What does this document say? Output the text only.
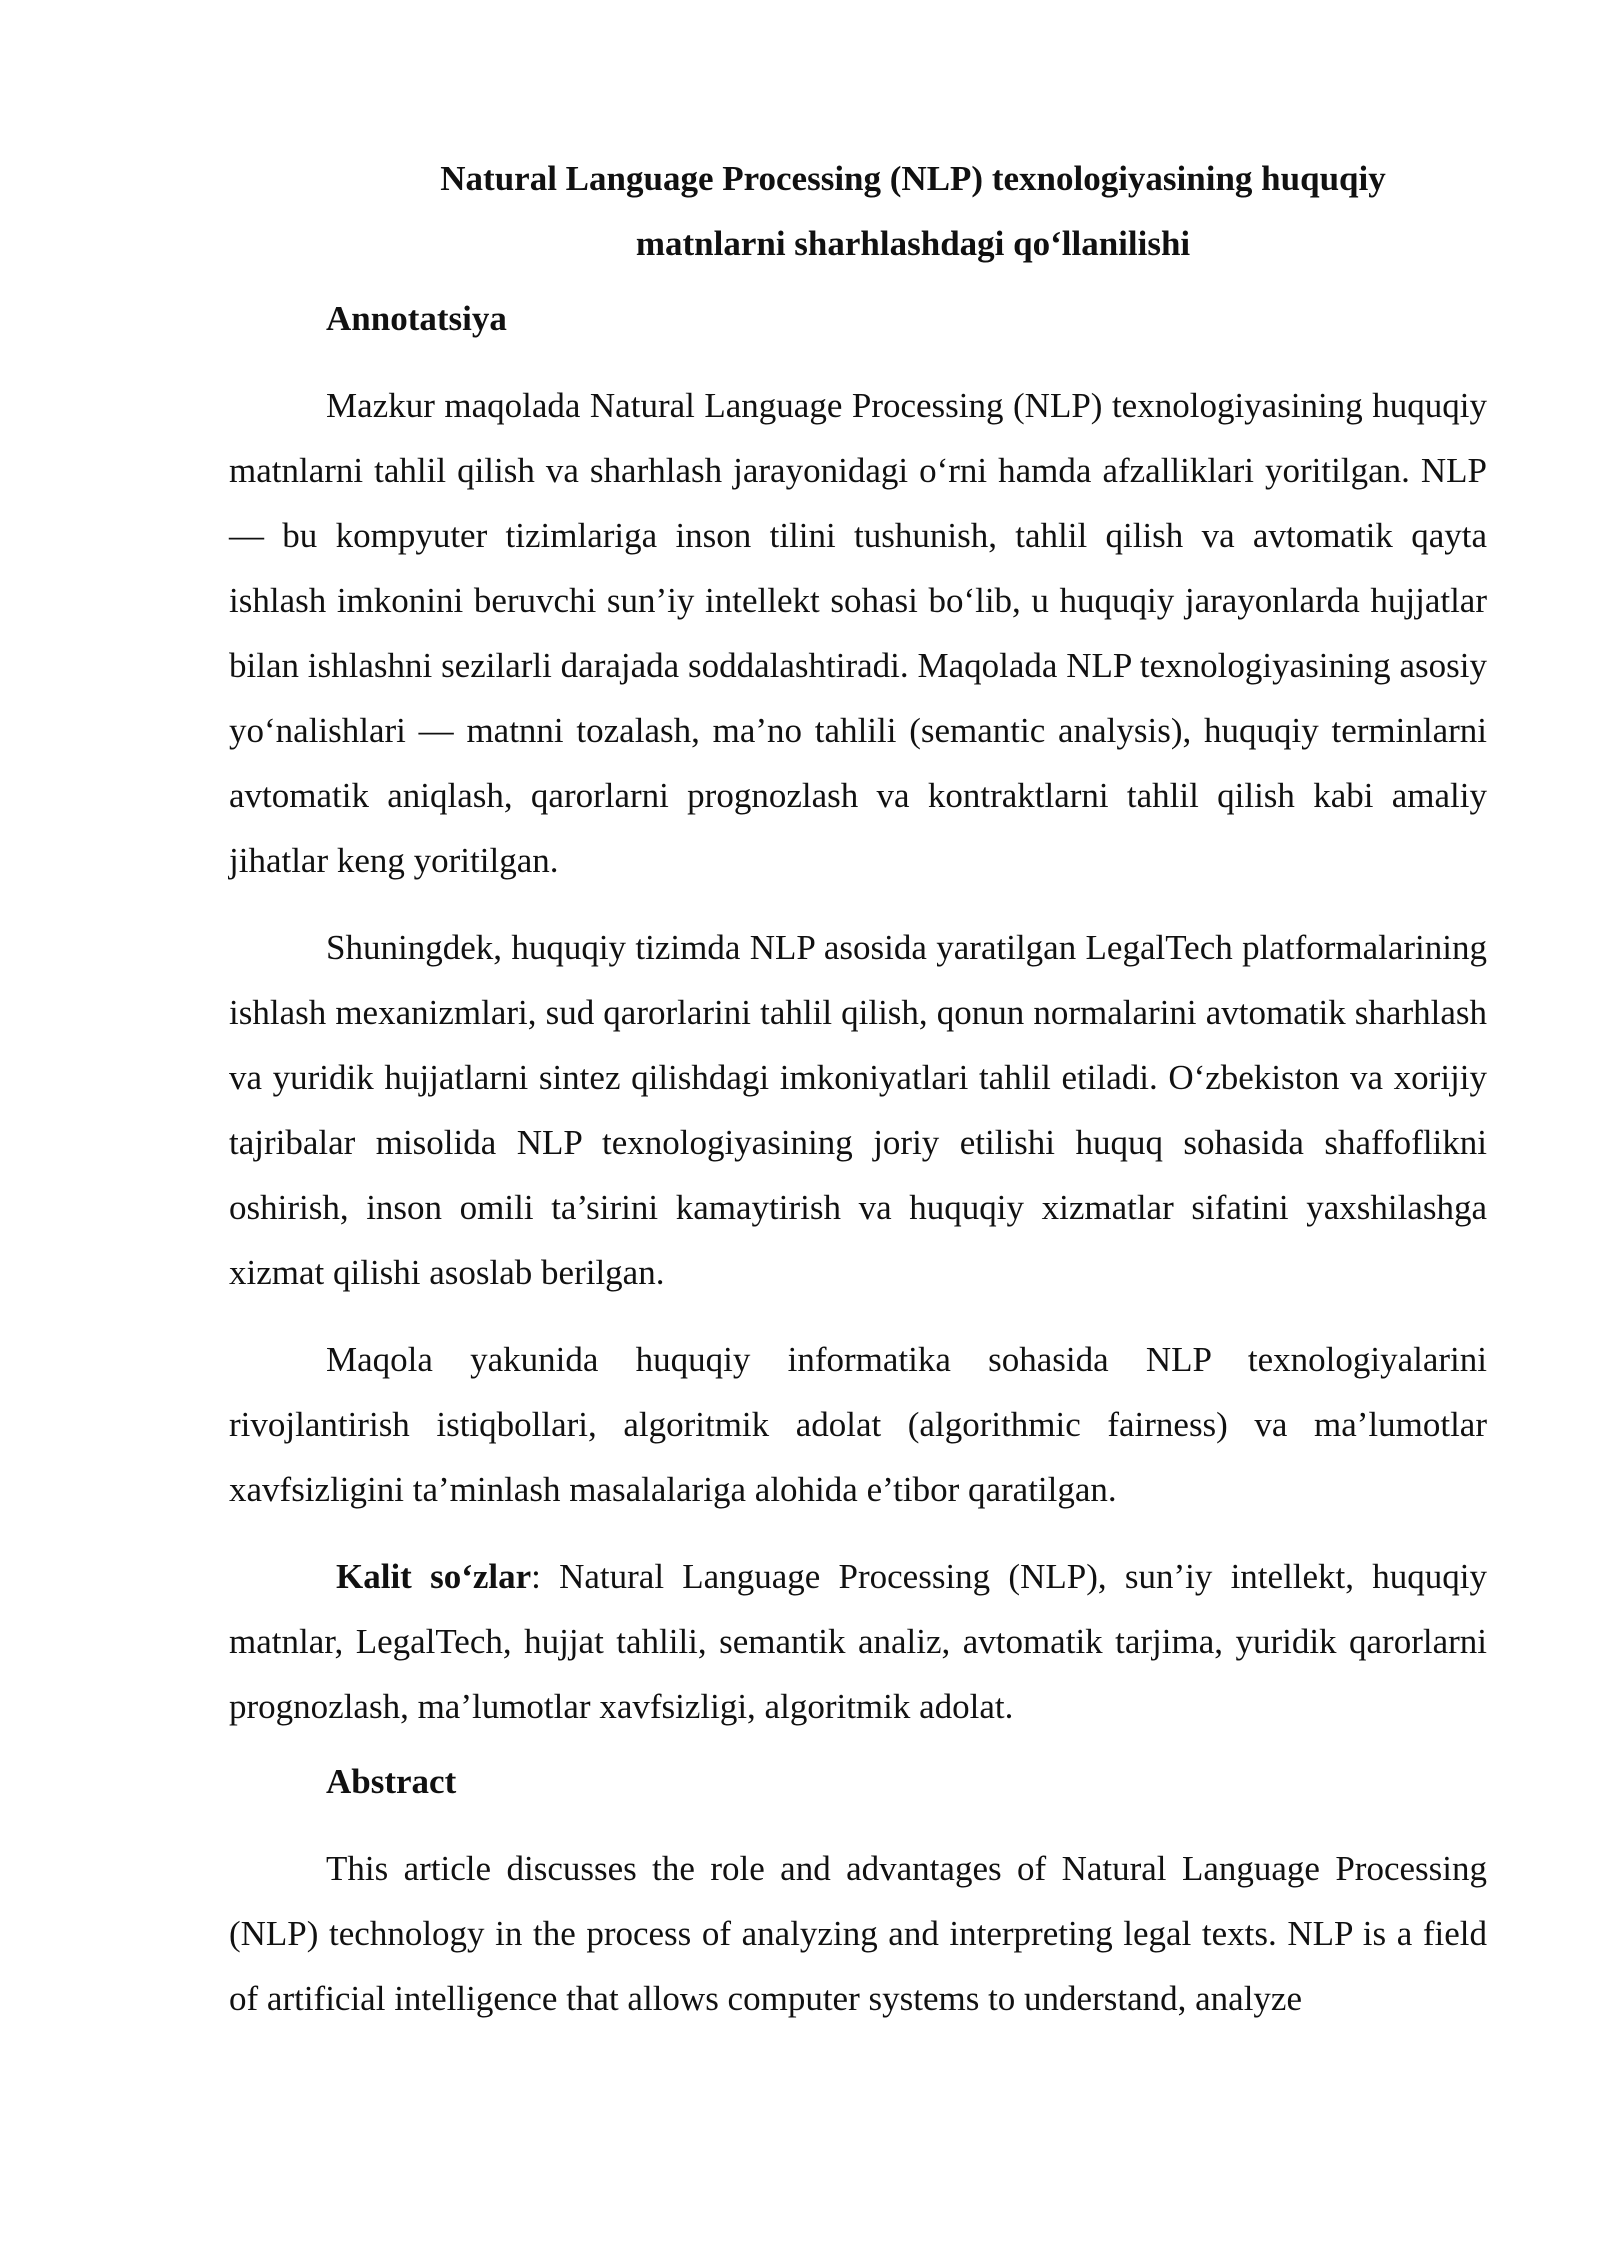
Natural Language Processing (NLP) texnologiyasining huquqiy
matnlarni sharhlashdagi qo‘llanilishi
Annotatsiya

Mazkur maqolada Natural Language Processing (NLP) texnologiyasining huquqiy matnlarni tahlil qilish va sharhlash jarayonidagi o‘rni hamda afzalliklari yoritilgan. NLP — bu kompyuter tizimlariga inson tilini tushunish, tahlil qilish va avtomatik qayta ishlash imkonini beruvchi sun’iy intellekt sohasi bo‘lib, u huquqiy jarayonlarda hujjatlar bilan ishlashni sezilarli darajada soddalashtiradi. Maqolada NLP texnologiyasining asosiy yo‘nalishlari — matnni tozalash, ma’no tahlili (semantic analysis), huquqiy terminlarni avtomatik aniqlash, qarorlarni prognozlash va kontraktlarni tahlil qilish kabi amaliy jihatlar keng yoritilgan.

Shuningdek, huquqiy tizimda NLP asosida yaratilgan LegalTech platformalarining ishlash mexanizmlari, sud qarorlarini tahlil qilish, qonun normalarini avtomatik sharhlash va yuridik hujjatlarni sintez qilishdagi imkoniyatlari tahlil etiladi. O‘zbekiston va xorijiy tajribalar misolida NLP texnologiyasining joriy etilishi huquq sohasida shaffoflikni oshirish, inson omili ta’sirini kamaytirish va huquqiy xizmatlar sifatini yaxshilashga xizmat qilishi asoslab berilgan.

Maqola yakunida huquqiy informatika sohasida NLP texnologiyalarini rivojlantirish istiqbollari, algoritmik adolat (algorithmic fairness) va ma’lumotlar xavfsizligini ta’minlash masalalariga alohida e’tibor qaratilgan.

Kalit so‘zlar: Natural Language Processing (NLP), sun’iy intellekt, huquqiy matnlar, LegalTech, hujjat tahlili, semantik analiz, avtomatik tarjima, yuridik qarorlarni prognozlash, ma’lumotlar xavfsizligi, algoritmik adolat.

Abstract

This article discusses the role and advantages of Natural Language Processing (NLP) technology in the process of analyzing and interpreting legal texts. NLP is a field of artificial intelligence that allows computer systems to understand, analyze
